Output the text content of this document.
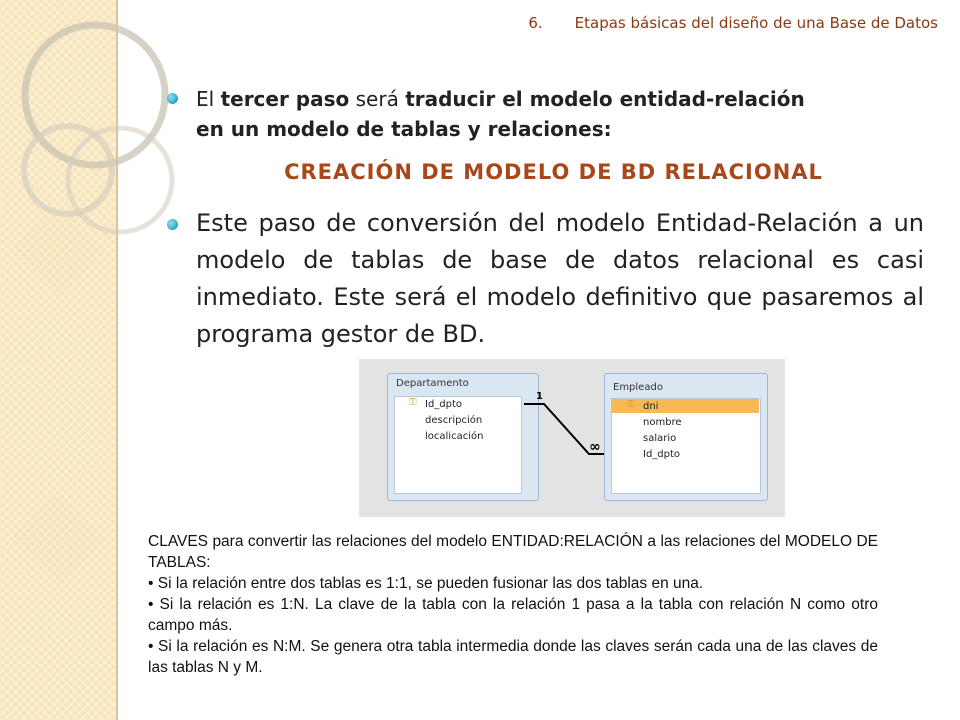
6. Etapas básicas del diseño de una Base de Datos
El tercer paso será traducir el modelo entidad-relación en un modelo de tablas y relaciones:
CREACIÓN DE MODELO DE BD RELACIONAL
Este paso de conversión del modelo Entidad-Relación a un modelo de tablas de base de datos relacional es casi inmediato. Este será el modelo definitivo que pasaremos al programa gestor de BD.
Departamento
⚿ Id_dpto
descripción
localicación
Empleado
⚿ dni
nombre
salario
Id_dpto
1
∞
CLAVES para convertir las relaciones del modelo ENTIDAD:RELACIÓN a las relaciones del MODELO DE TABLAS:
• Si la relación entre dos tablas es 1:1, se pueden fusionar las dos tablas en una.
• Si la relación es 1:N. La clave de la tabla con la relación 1 pasa a la tabla con relación N como otro campo más.
• Si la relación es N:M. Se genera otra tabla intermedia donde las claves serán cada una de las claves de las tablas N y M.
